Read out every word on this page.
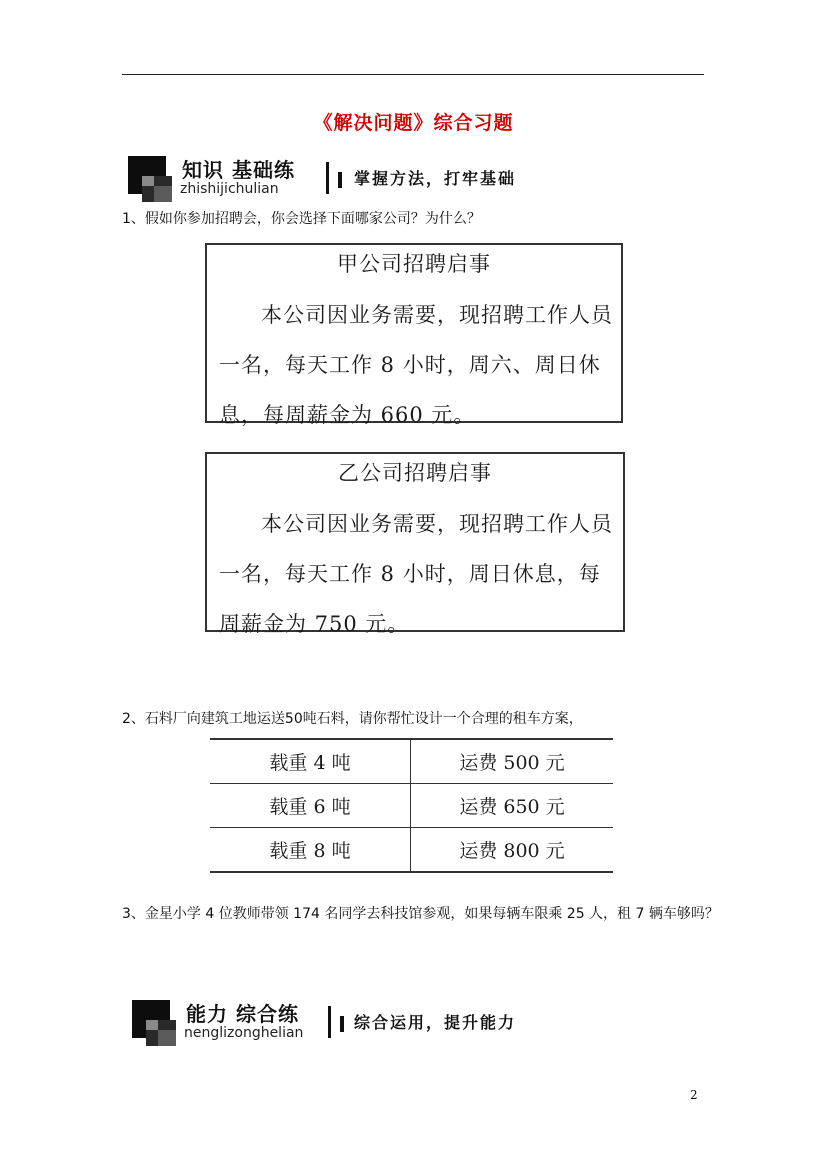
《解决问题》综合习题
知识 基础练
zhishijichulian
掌握方法，打牢基础
1、假如你参加招聘会，你会选择下面哪家公司？为什么？
甲公司招聘启事
本公司因业务需要，现招聘工作人员一名，每天工作 8 小时，周六、周日休息，每周薪金为 660 元。
乙公司招聘启事
本公司因业务需要，现招聘工作人员一名，每天工作 8 小时，周日休息，每周薪金为 750 元。
2、石料厂向建筑工地运送50吨石料，请你帮忙设计一个合理的租车方案，
载重 4 吨	运费 500 元
载重 6 吨	运费 650 元
载重 8 吨	运费 800 元
3、金星小学 4 位教师带领 174 名同学去科技馆参观，如果每辆车限乘 25 人，租 7 辆车够吗？
能力 综合练
nenglizonghelian
综合运用，提升能力
2
